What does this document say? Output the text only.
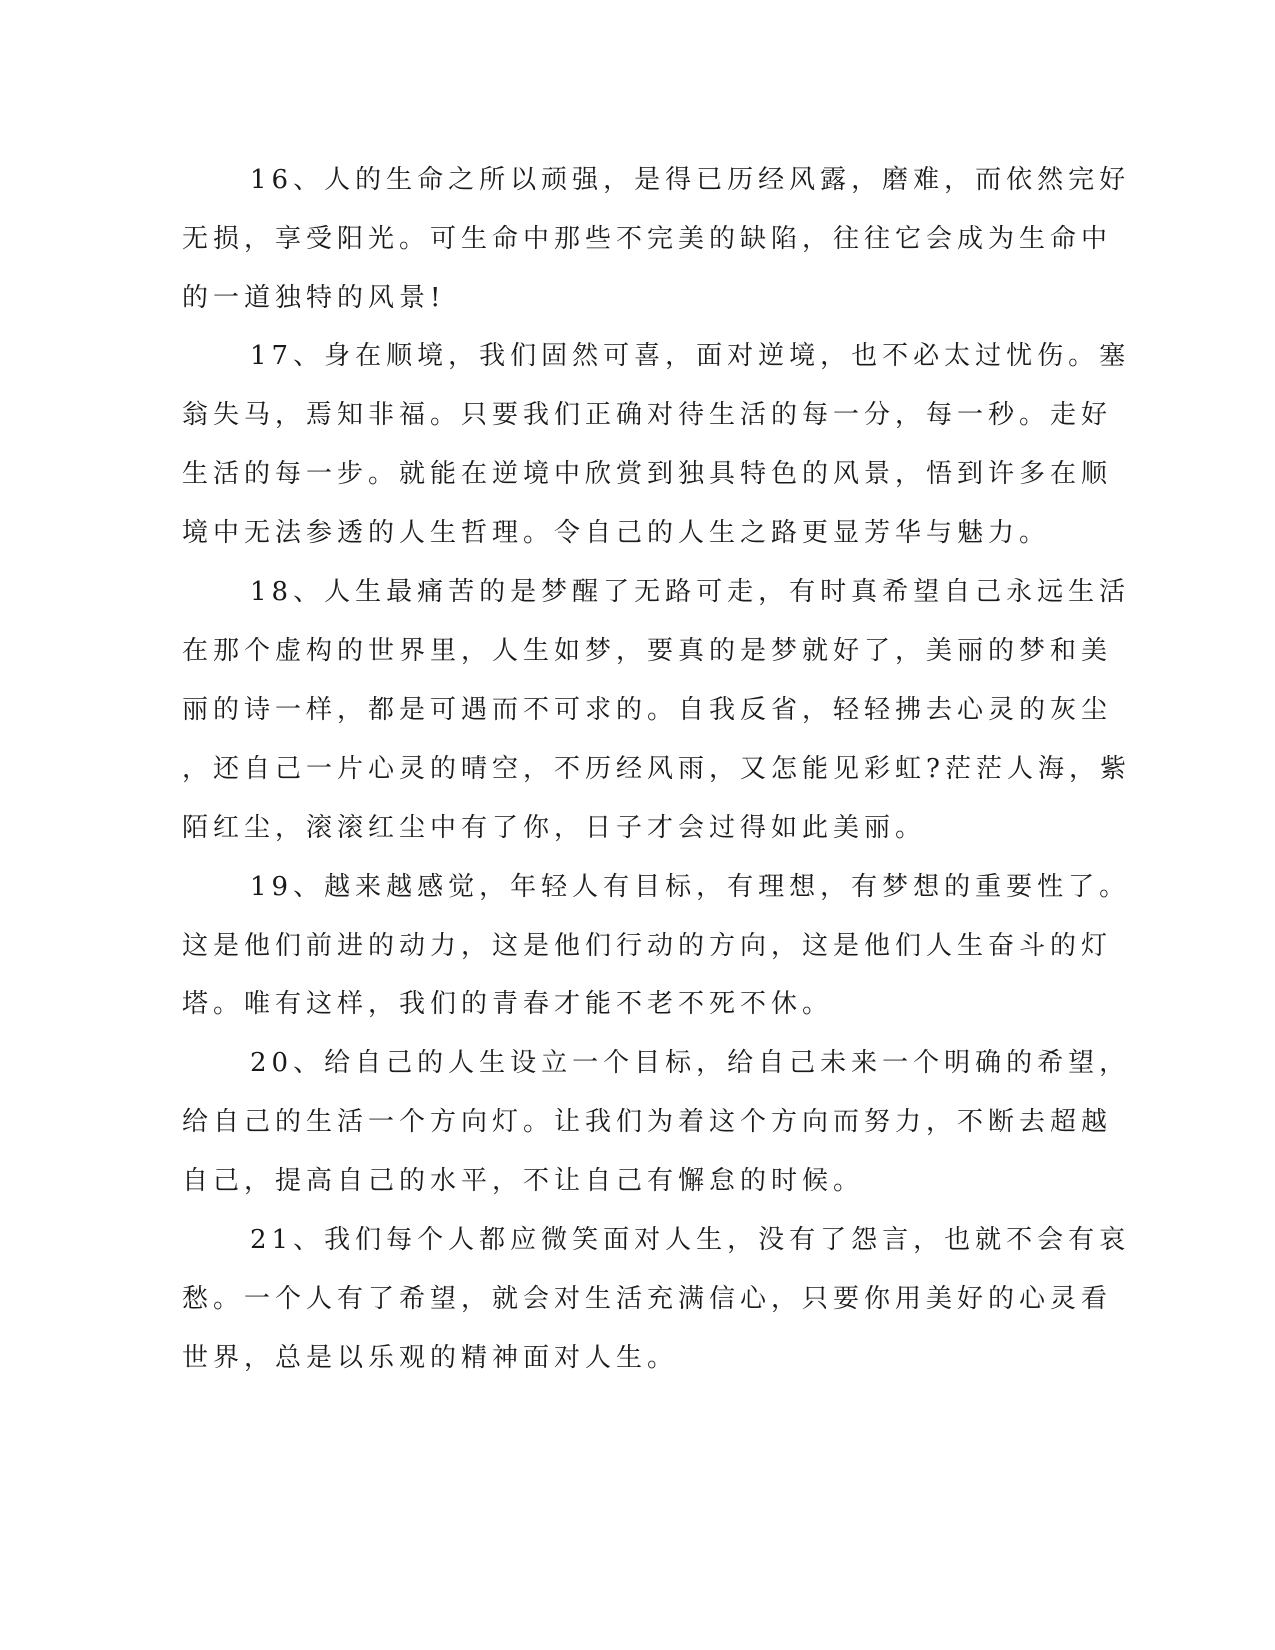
16、人的生命之所以顽强，是得已历经风露，磨难，而依然完好

无损，享受阳光。可生命中那些不完美的缺陷，往往它会成为生命中

的一道独特的风景!

17、身在顺境，我们固然可喜，面对逆境，也不必太过忧伤。塞

翁失马，焉知非福。只要我们正确对待生活的每一分，每一秒。走好

生活的每一步。就能在逆境中欣赏到独具特色的风景，悟到许多在顺

境中无法参透的人生哲理。令自己的人生之路更显芳华与魅力。

18、人生最痛苦的是梦醒了无路可走，有时真希望自己永远生活

在那个虚构的世界里，人生如梦，要真的是梦就好了，美丽的梦和美

丽的诗一样，都是可遇而不可求的。自我反省，轻轻拂去心灵的灰尘

，还自己一片心灵的晴空，不历经风雨，又怎能见彩虹?茫茫人海，紫

陌红尘，滚滚红尘中有了你，日子才会过得如此美丽。

19、越来越感觉，年轻人有目标，有理想，有梦想的重要性了。

这是他们前进的动力，这是他们行动的方向，这是他们人生奋斗的灯

塔。唯有这样，我们的青春才能不老不死不休。

20、给自己的人生设立一个目标，给自己未来一个明确的希望，

给自己的生活一个方向灯。让我们为着这个方向而努力，不断去超越

自己，提高自己的水平，不让自己有懈怠的时候。

21、我们每个人都应微笑面对人生，没有了怨言，也就不会有哀

愁。一个人有了希望，就会对生活充满信心，只要你用美好的心灵看

世界，总是以乐观的精神面对人生。
